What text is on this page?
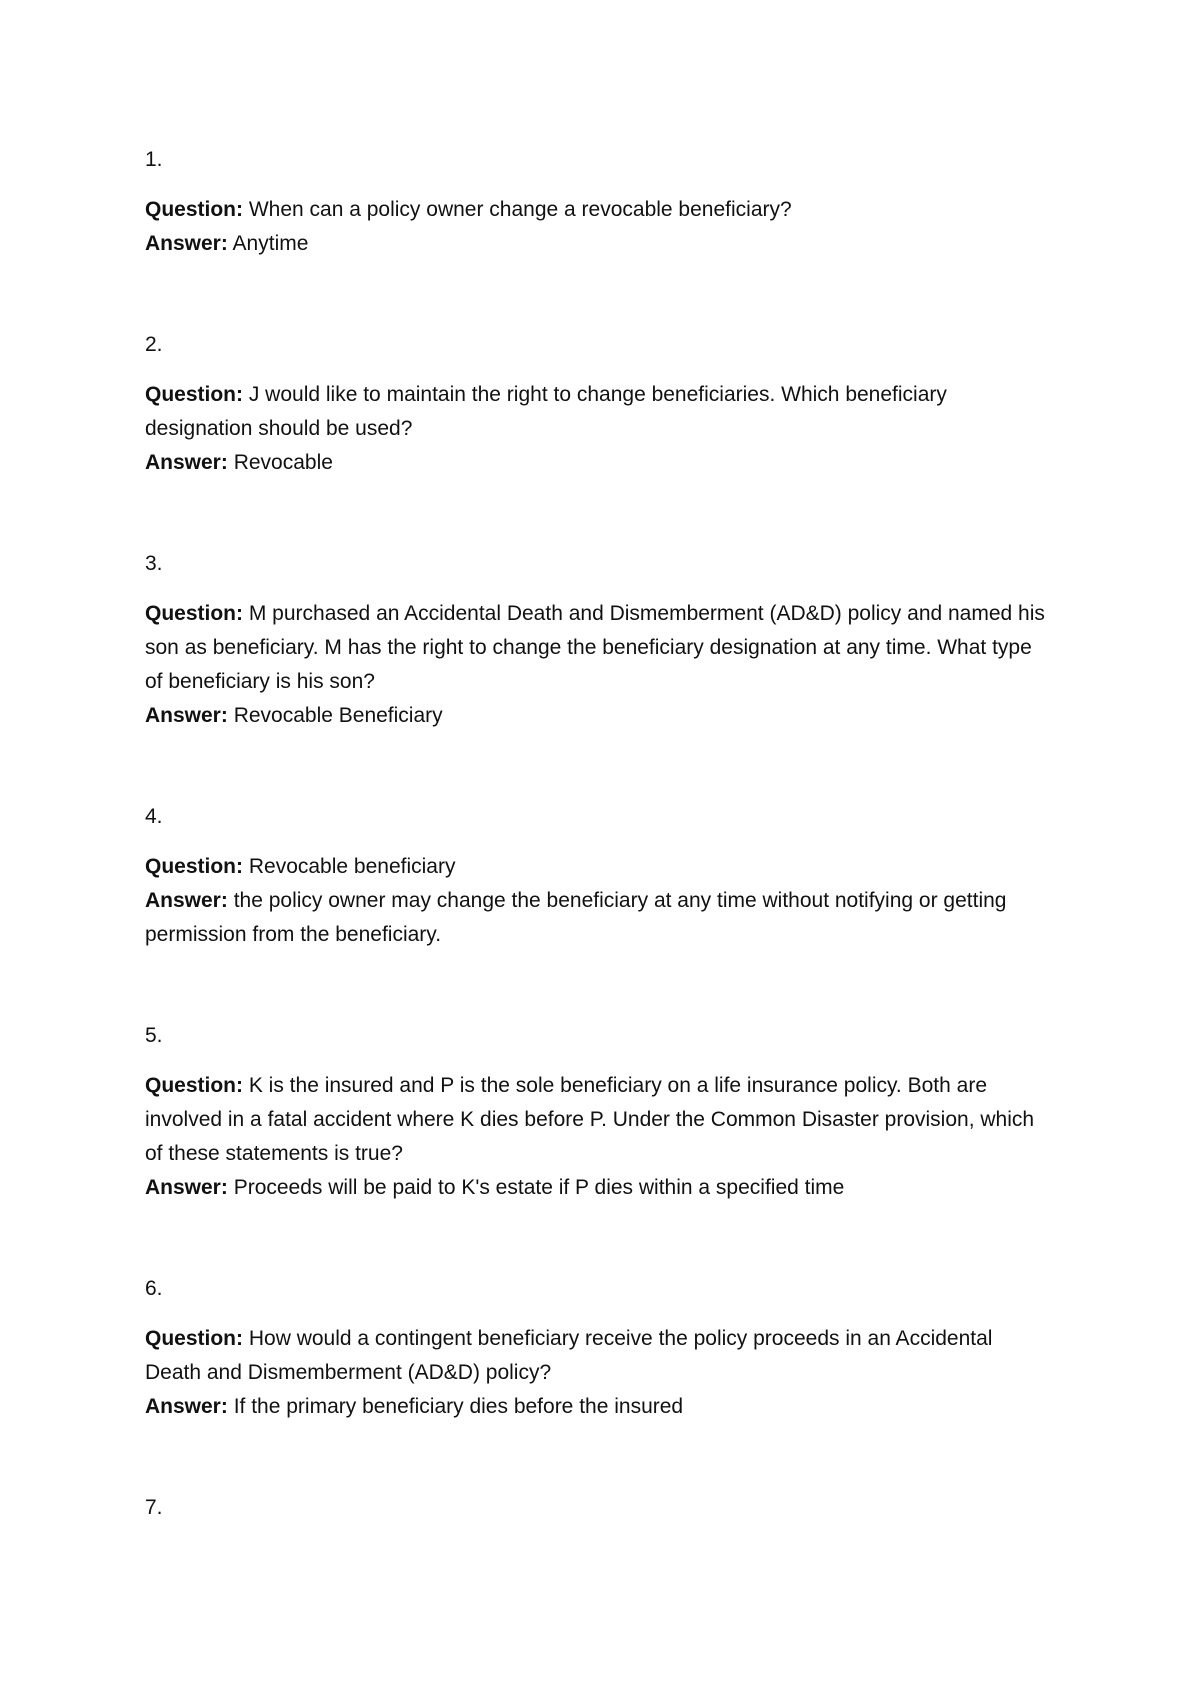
1.

Question: When can a policy owner change a revocable beneficiary?

Answer: Anytime

2.

Question: J would like to maintain the right to change beneficiaries. Which beneficiary designation should be used?

Answer: Revocable

3.

Question: M purchased an Accidental Death and Dismemberment (AD&D) policy and named his son as beneficiary. M has the right to change the beneficiary designation at any time. What type of beneficiary is his son?

Answer: Revocable Beneficiary

4.

Question: Revocable beneficiary

Answer: the policy owner may change the beneficiary at any time without notifying or getting permission from the beneficiary.

5.

Question: K is the insured and P is the sole beneficiary on a life insurance policy. Both are involved in a fatal accident where K dies before P. Under the Common Disaster provision, which of these statements is true?

Answer: Proceeds will be paid to K's estate if P dies within a specified time

6.

Question: How would a contingent beneficiary receive the policy proceeds in an Accidental Death and Dismemberment (AD&D) policy?

Answer: If the primary beneficiary dies before the insured

7.
